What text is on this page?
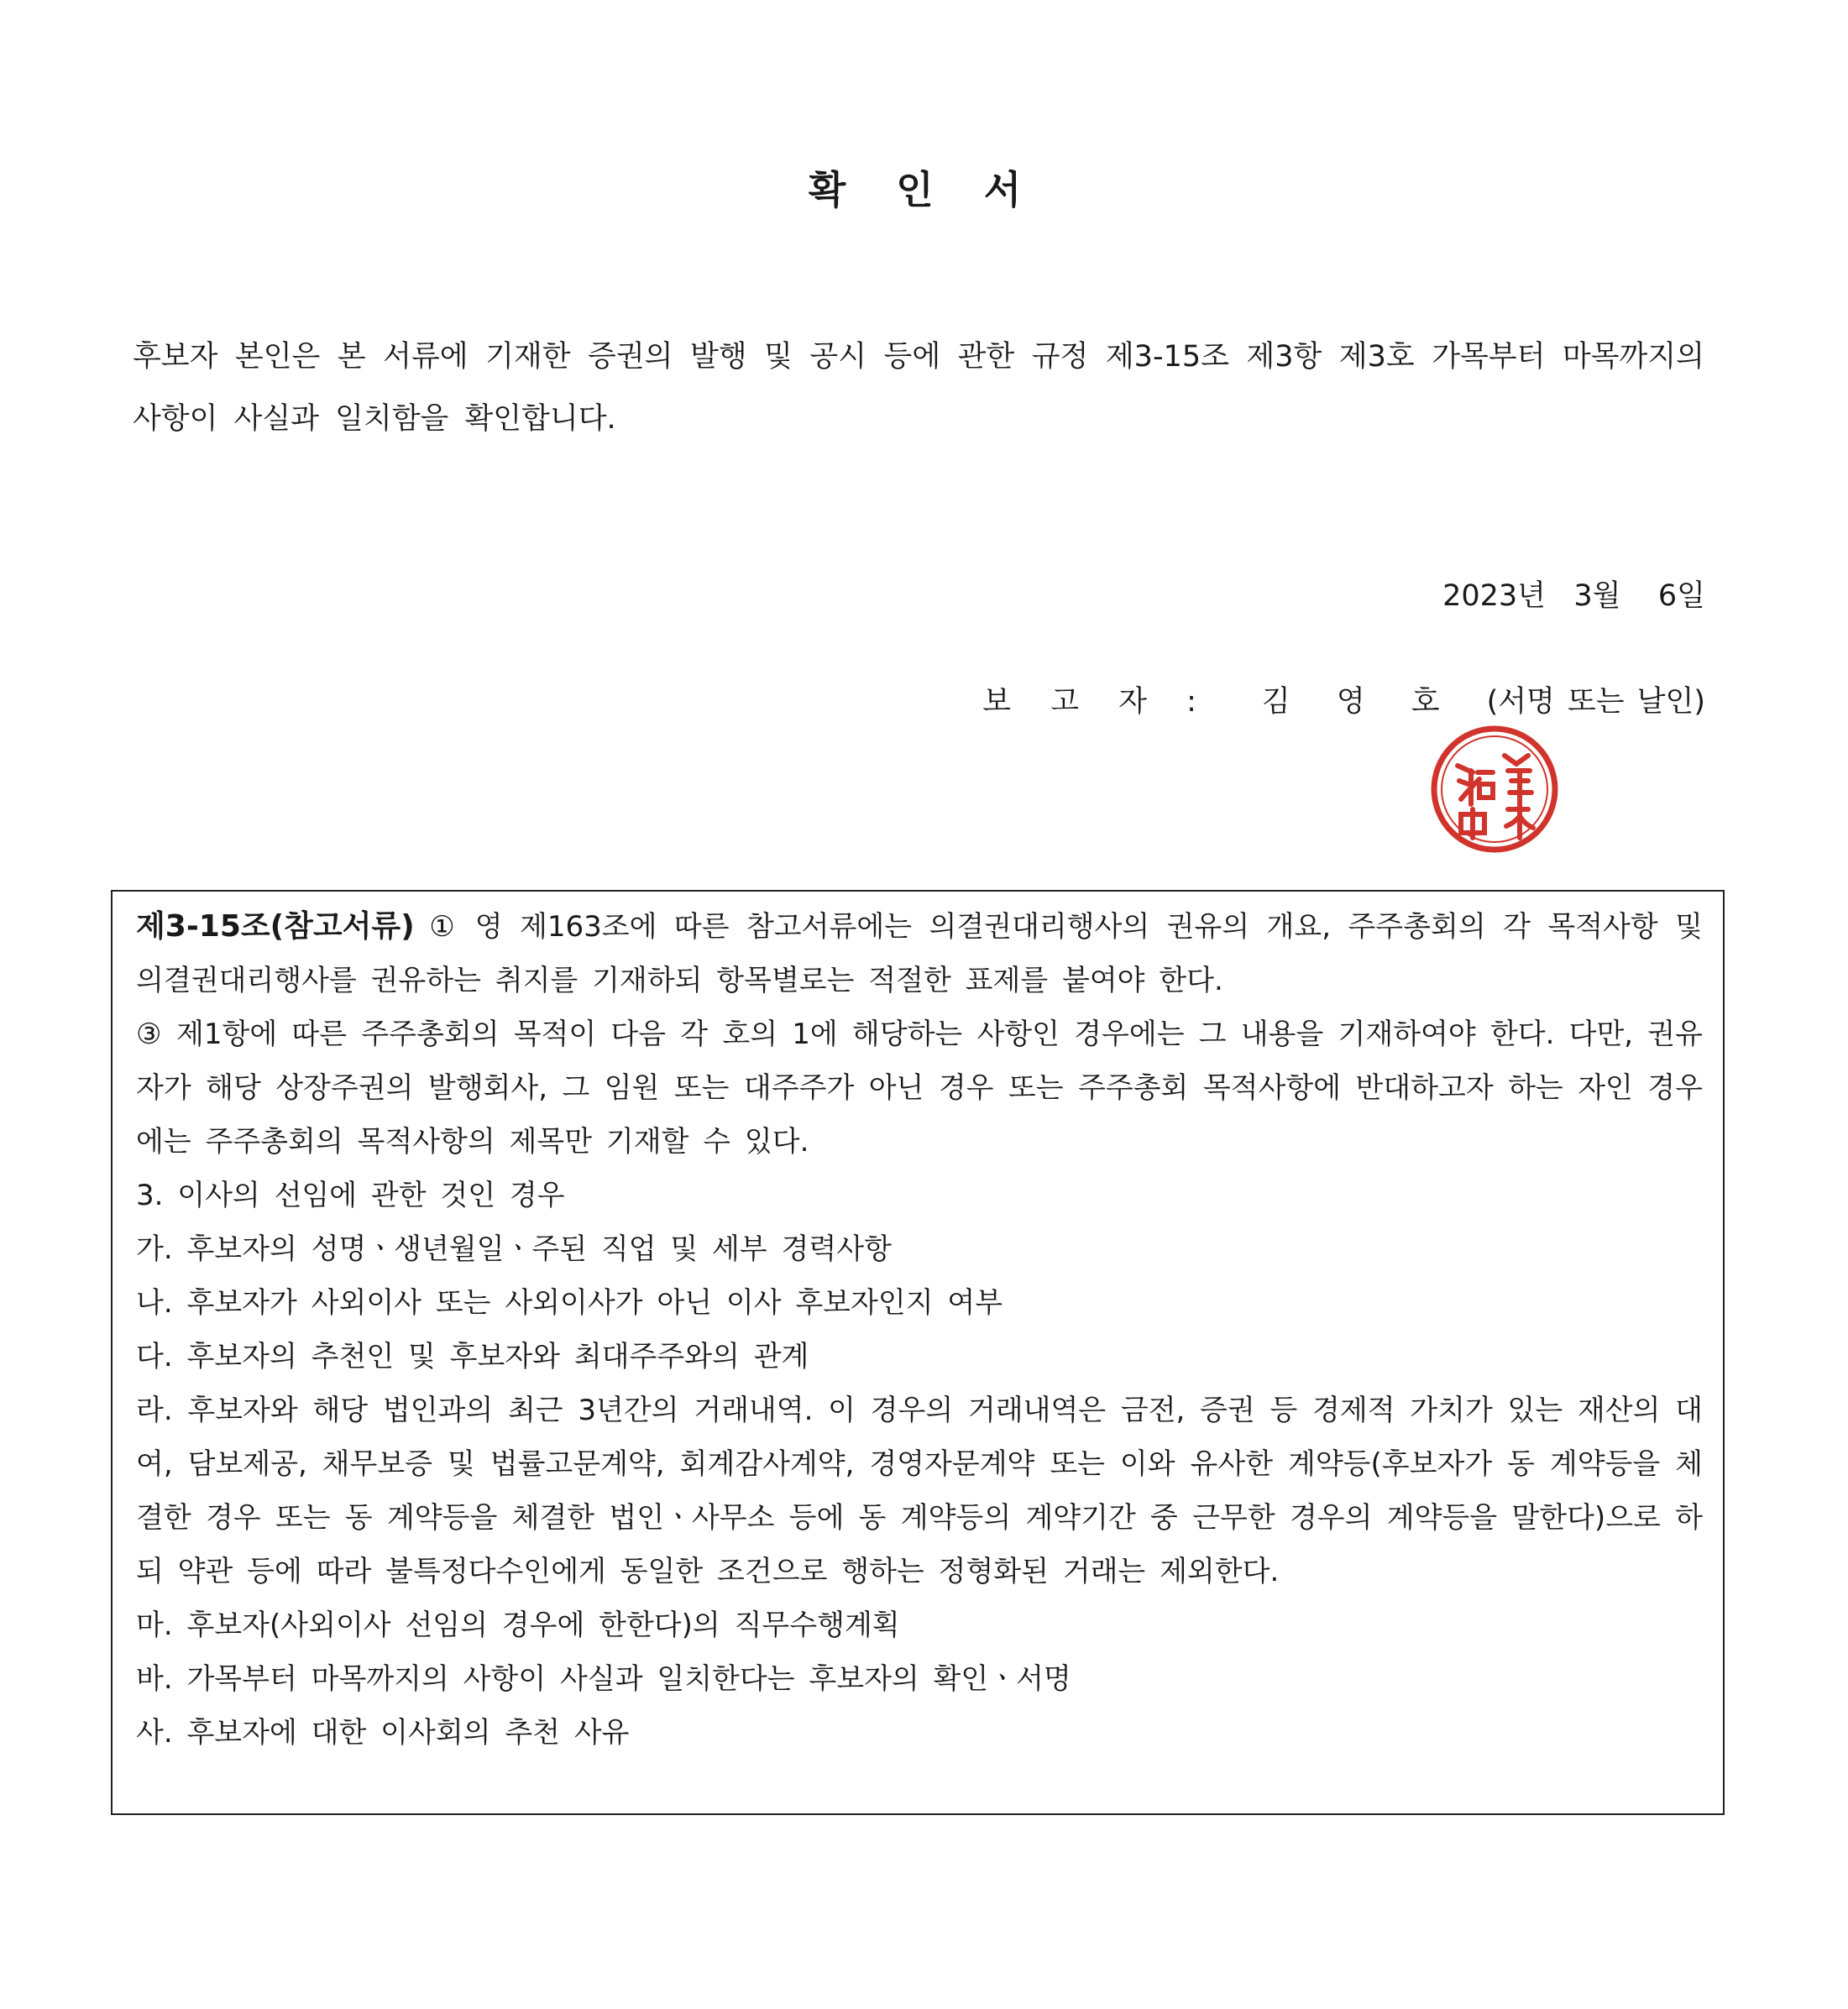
확 인 서

후보자 본인은 본 서류에 기재한 증권의 발행 및 공시 등에 관한 규정 제3-15조 제3항 제3호 가목부터 마목까지의 사항이 사실과 일치함을 확인합니다.

2023년   3월    6일

보 고 자 : 김 영 호 (서명 또는 날인)

제3-15조(참고서류) ① 영 제163조에 따른 참고서류에는 의결권대리행사의 권유의 개요, 주주총회의 각 목적사항 및 의결권대리행사를 권유하는 취지를 기재하되 항목별로는 적절한 표제를 붙여야 한다.

③ 제1항에 따른 주주총회의 목적이 다음 각 호의 1에 해당하는 사항인 경우에는 그 내용을 기재하여야 한다. 다만, 권유자가 해당 상장주권의 발행회사, 그 임원 또는 대주주가 아닌 경우 또는 주주총회 목적사항에 반대하고자 하는 자인 경우에는 주주총회의 목적사항의 제목만 기재할 수 있다.

3. 이사의 선임에 관한 것인 경우

가. 후보자의 성명ㆍ생년월일ㆍ주된 직업 및 세부 경력사항

나. 후보자가 사외이사 또는 사외이사가 아닌 이사 후보자인지 여부

다. 후보자의 추천인 및 후보자와 최대주주와의 관계

라. 후보자와 해당 법인과의 최근 3년간의 거래내역. 이 경우의 거래내역은 금전, 증권 등 경제적 가치가 있는 재산의 대여, 담보제공, 채무보증 및 법률고문계약, 회계감사계약, 경영자문계약 또는 이와 유사한 계약등(후보자가 동 계약등을 체결한 경우 또는 동 계약등을 체결한 법인ㆍ사무소 등에 동 계약등의 계약기간 중 근무한 경우의 계약등을 말한다)으로 하되 약관 등에 따라 불특정다수인에게 동일한 조건으로 행하는 정형화된 거래는 제외한다.

마. 후보자(사외이사 선임의 경우에 한한다)의 직무수행계획

바. 가목부터 마목까지의 사항이 사실과 일치한다는 후보자의 확인ㆍ서명

사. 후보자에 대한 이사회의 추천 사유
